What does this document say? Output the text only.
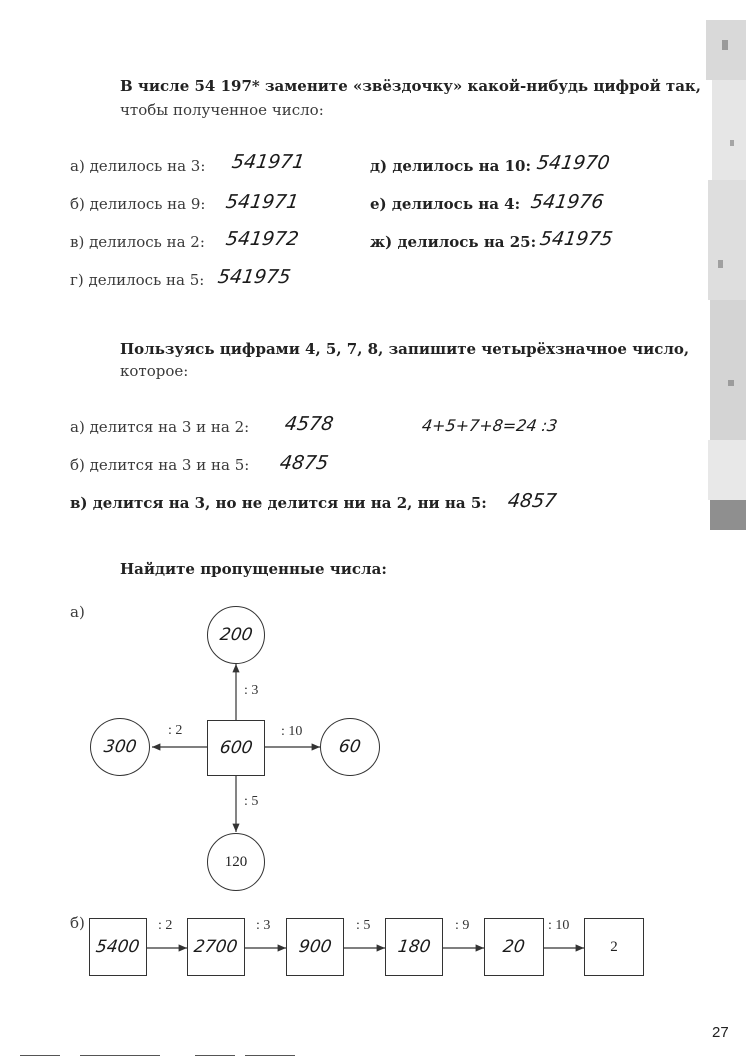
В числе 54 197* замените «звёздочку» какой-нибудь цифрой так,
чтобы полученное число:
а) делилось на 3: 541971
б) делилось на 9: 541971
в) делилось на 2: 541972
г) делилось на 5: 541975
д) делилось на 10: 541970
е) делилось на 4: 541976
ж) делилось на 25: 541975
Пользуясь цифрами 4, 5, 7, 8, запишите четырёхзначное число,
которое:
а) делится на 3 и на 2: 4578	4+5+7+8=24 :3
б) делится на 3 и на 5: 4875
в) делится на 3, но не делится ни на 2, ни на 5: 4857
Найдите пропущенные числа:
а)
200
300	60
120
600
: 3
: 2	: 10
: 5
б)
5400	2700	900	180	20	2
: 2	: 3	: 5	: 9	: 10
27
